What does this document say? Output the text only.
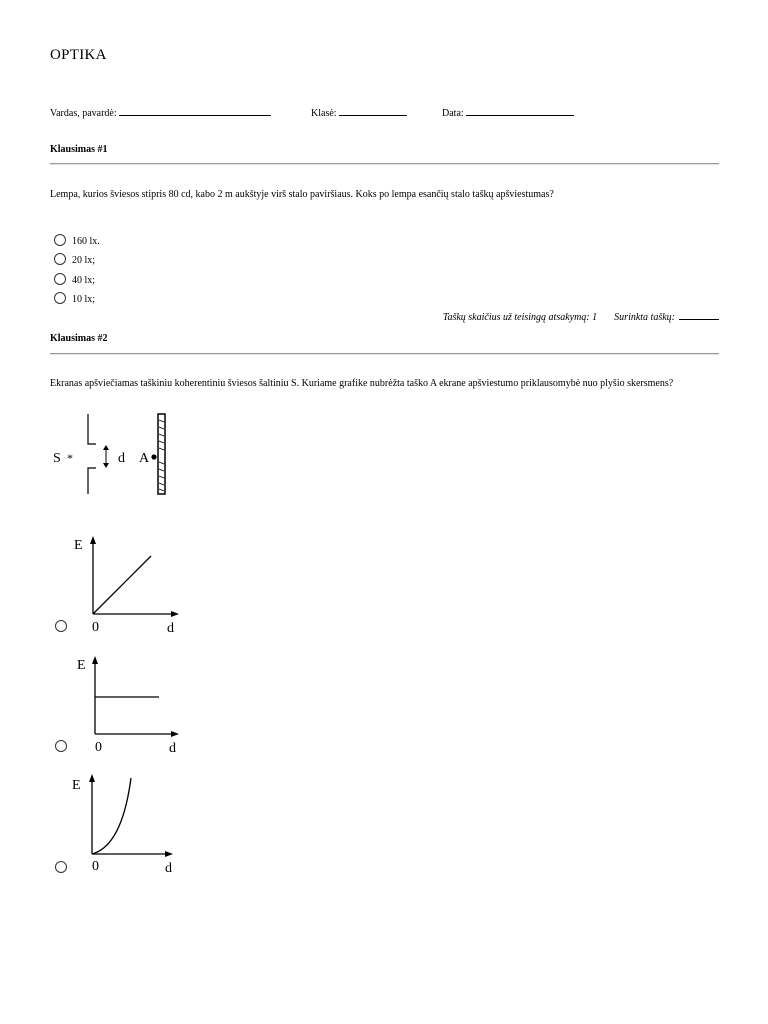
OPTIKA
Vardas, pavardė:	Klasė:	Data:
Klausimas #1
Lempa, kurios šviesos stipris 80 cd, kabo 2 m aukštyje virš stalo paviršiaus. Koks po lempa esančių stalo taškų apšviestumas?
160 lx.
20 lx;
40 lx;
10 lx;
Taškų skaičius už teisingą atsakymą: 1 Surinkta taškų:
Klausimas #2
Ekranas apšviečiamas taškiniu koherentiniu šviesos šaltiniu S. Kuriame grafike nubrėžta taško A ekrane apšviestumo priklausomybė nuo plyšio skersmens?
S *	d A
E
0	d
E
0	d
E
0	d
